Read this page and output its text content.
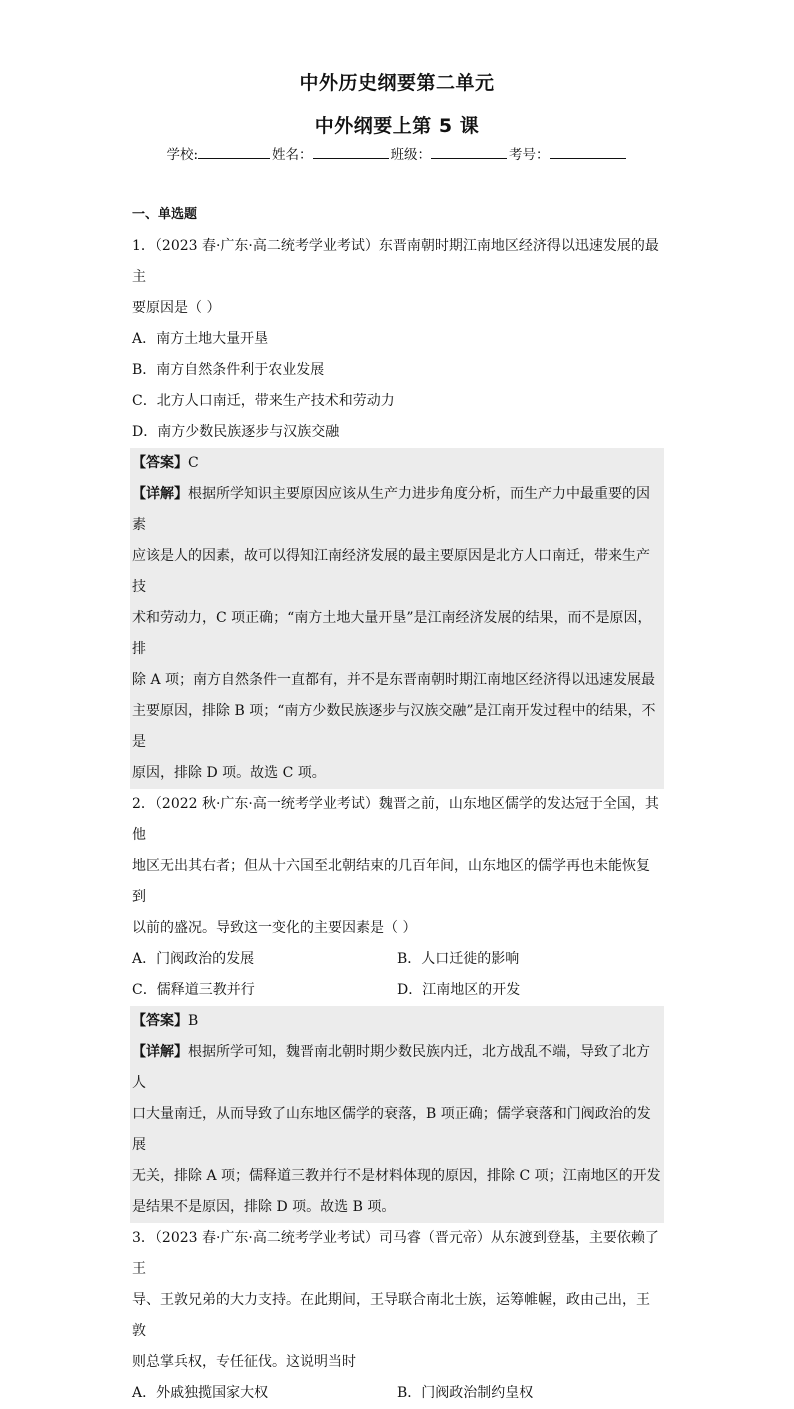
中外历史纲要第二单元
中外纲要上第 5 课
学校:	姓名：	班级：	考号：

一、单选题

1．（2023 春·广东·高二统考学业考试）东晋南朝时期江南地区经济得以迅速发展的最主

要原因是（ ）

A．南方土地大量开垦

B．南方自然条件利于农业发展

C．北方人口南迁，带来生产技术和劳动力

D．南方少数民族逐步与汉族交融

【答案】C

【详解】根据所学知识主要原因应该从生产力进步角度分析，而生产力中最重要的因素

应该是人的因素，故可以得知江南经济发展的最主要原因是北方人口南迁，带来生产技

术和劳动力，C 项正确；“南方土地大量开垦”是江南经济发展的结果，而不是原因，排

除 A 项；南方自然条件一直都有，并不是东晋南朝时期江南地区经济得以迅速发展最

主要原因，排除 B 项；“南方少数民族逐步与汉族交融”是江南开发过程中的结果，不是

原因，排除 D 项。故选 C 项。

2．（2022 秋·广东·高一统考学业考试）魏晋之前，山东地区儒学的发达冠于全国，其他

地区无出其右者；但从十六国至北朝结束的几百年间，山东地区的儒学再也未能恢复到

以前的盛况。导致这一变化的主要因素是（ ）

A．门阀政治的发展	B．人口迁徙的影响

C．儒释道三教并行	D．江南地区的开发

【答案】B

【详解】根据所学可知，魏晋南北朝时期少数民族内迁，北方战乱不端，导致了北方人

口大量南迁，从而导致了山东地区儒学的衰落，B 项正确；儒学衰落和门阀政治的发展

无关，排除 A 项；儒释道三教并行不是材料体现的原因，排除 C 项；江南地区的开发

是结果不是原因，排除 D 项。故选 B 项。

3．（2023 春·广东·高二统考学业考试）司马睿（晋元帝）从东渡到登基，主要依赖了王

导、王敦兄弟的大力支持。在此期间，王导联合南北士族，运筹帷幄，政由己出，王敦

则总掌兵权，专任征伐。这说明当时

A．外戚独揽国家大权	B．门阀政治制约皇权
